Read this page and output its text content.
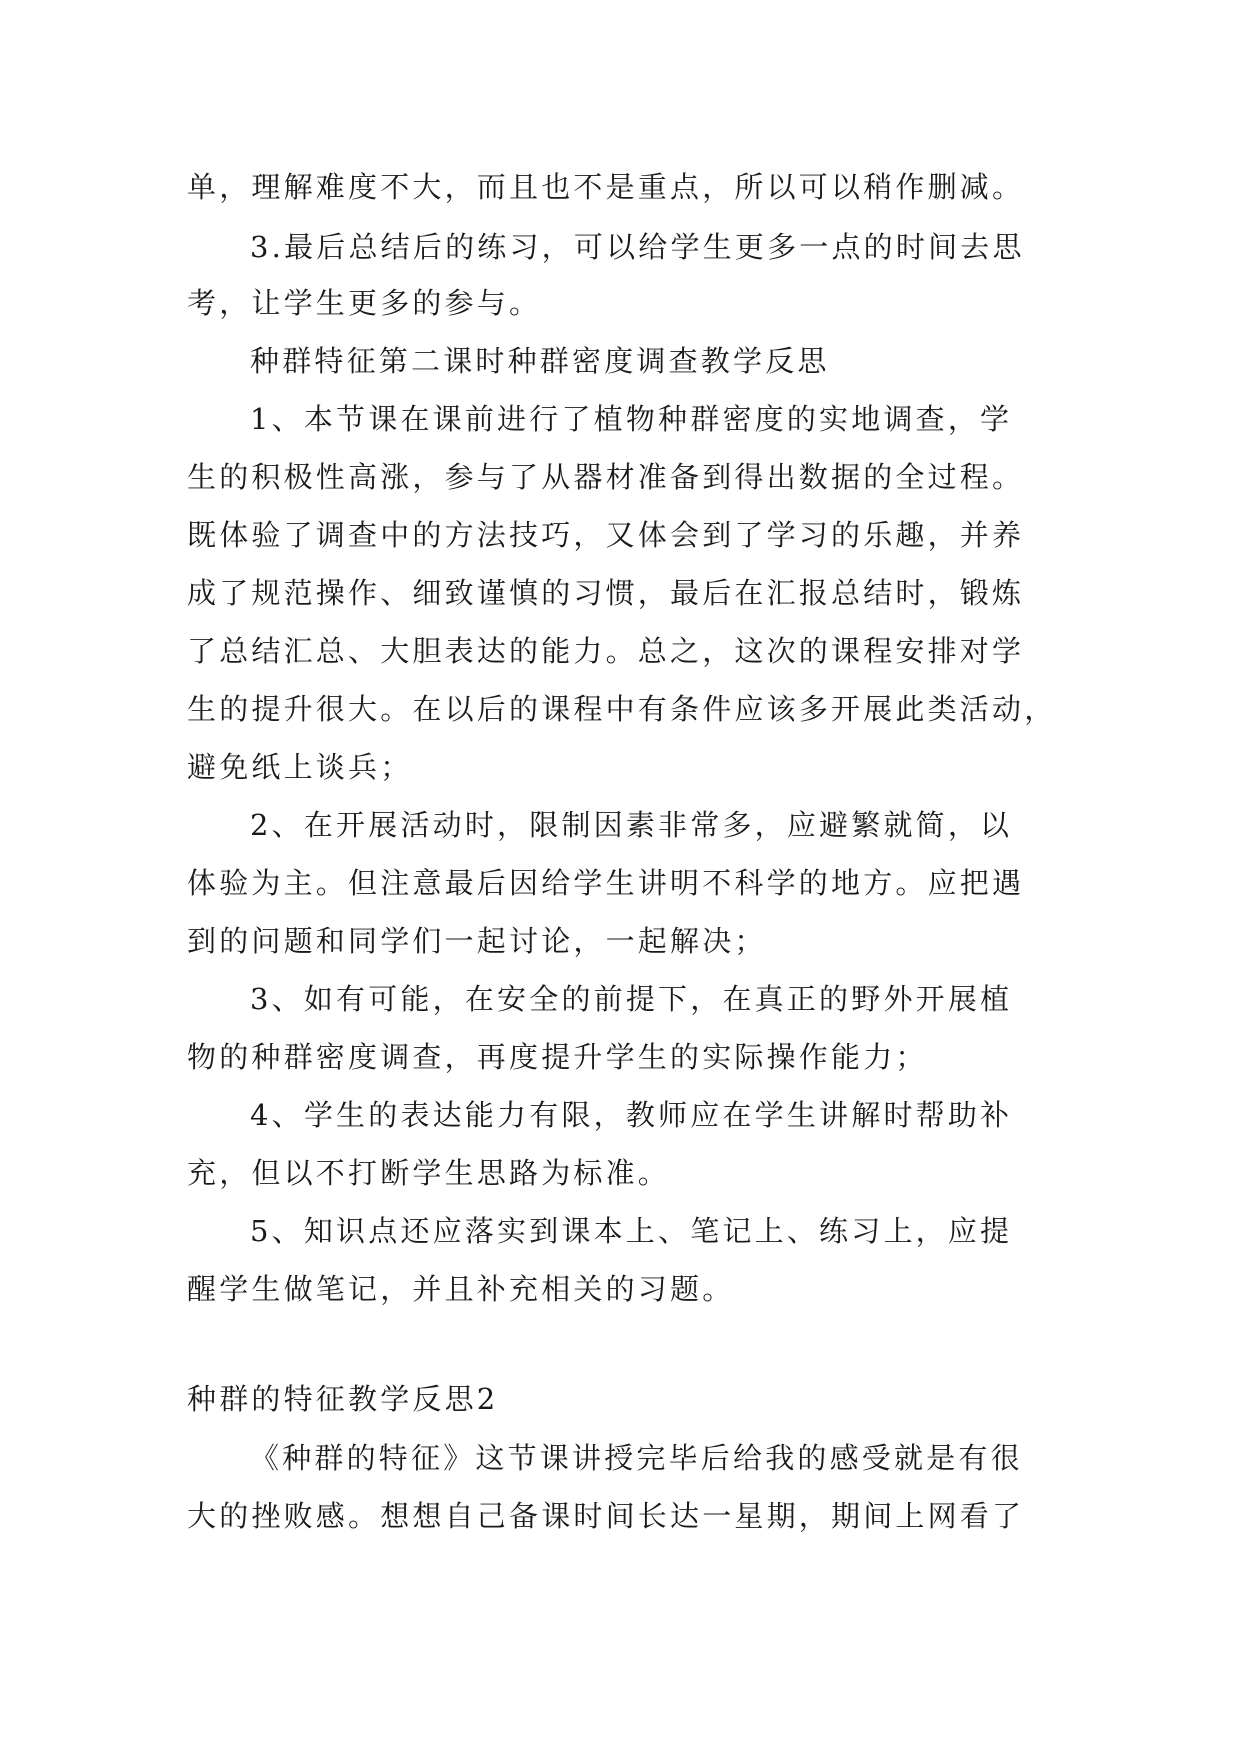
单，理解难度不大，而且也不是重点，所以可以稍作删减。
3.最后总结后的练习，可以给学生更多一点的时间去思
考，让学生更多的参与。
种群特征第二课时种群密度调查教学反思
1、本节课在课前进行了植物种群密度的实地调查，学
生的积极性高涨，参与了从器材准备到得出数据的全过程。
既体验了调查中的方法技巧，又体会到了学习的乐趣，并养
成了规范操作、细致谨慎的习惯，最后在汇报总结时，锻炼
了总结汇总、大胆表达的能力。总之，这次的课程安排对学
生的提升很大。在以后的课程中有条件应该多开展此类活动，
避免纸上谈兵；
2、在开展活动时，限制因素非常多，应避繁就简，以
体验为主。但注意最后因给学生讲明不科学的地方。应把遇
到的问题和同学们一起讨论，一起解决；
3、如有可能，在安全的前提下，在真正的野外开展植
物的种群密度调查，再度提升学生的实际操作能力；
4、学生的表达能力有限，教师应在学生讲解时帮助补
充，但以不打断学生思路为标准。
5、知识点还应落实到课本上、笔记上、练习上，应提
醒学生做笔记，并且补充相关的习题。
种群的特征教学反思2
《种群的特征》这节课讲授完毕后给我的感受就是有很
大的挫败感。想想自己备课时间长达一星期，期间上网看了
